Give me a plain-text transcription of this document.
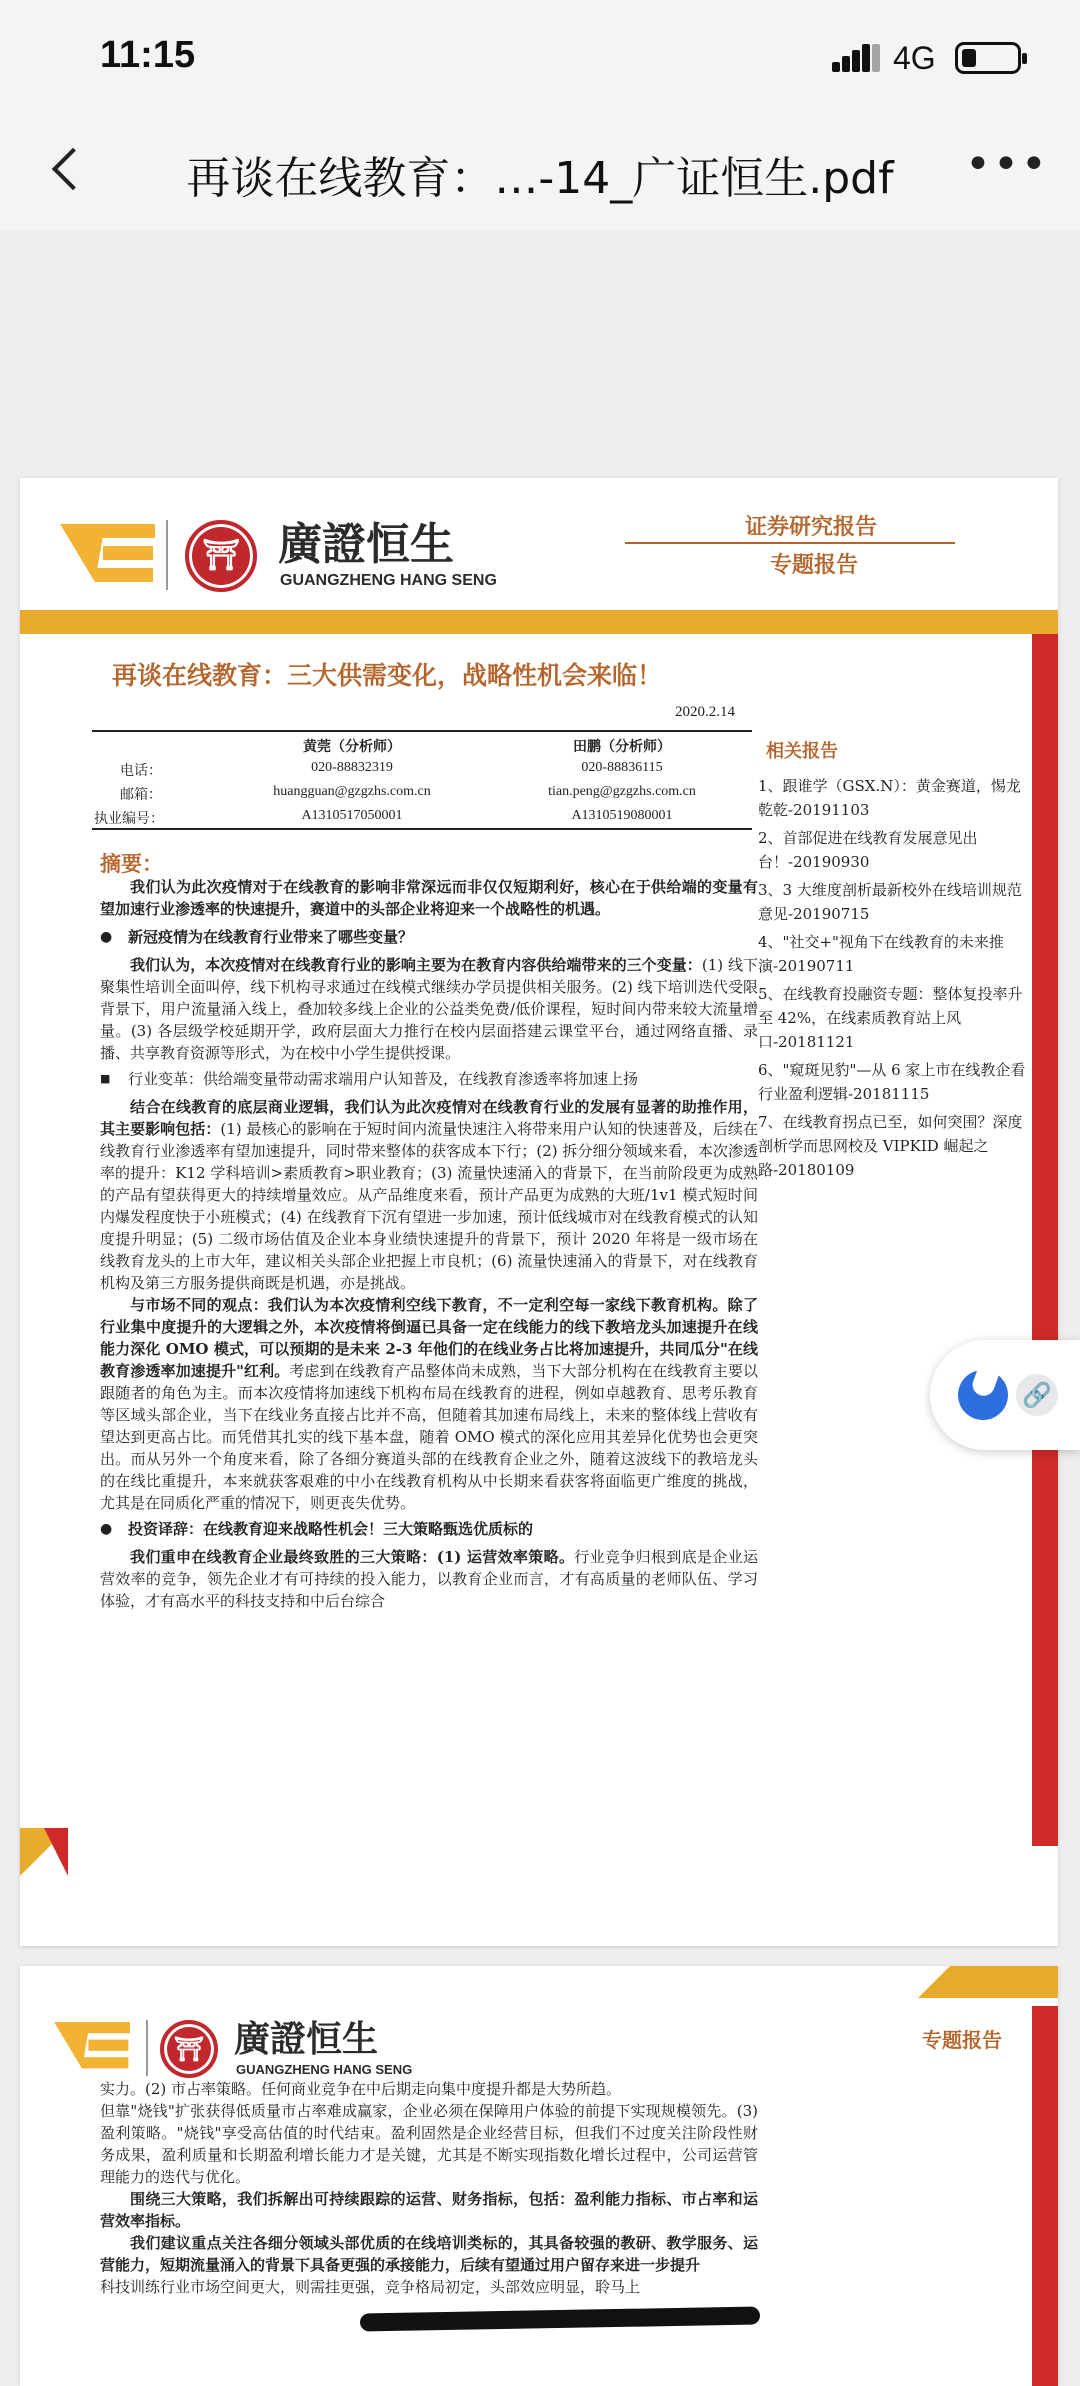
11:15	4G
再谈在线教育：…-14_广证恒生.pdf •••
⛩ 廣證恒生
GUANGZHENG HANG SENG
证券研究报告
专题报告
再谈在线教育：三大供需变化，战略性机会来临！
2020.2.14
黄莞（分析师）	田鹏（分析师）
电话：	020-88832319	020-88836115
邮箱：	huangguan@gzgzhs.com.cn	tian.peng@gzgzhs.com.cn
执业编号：	A1310517050001	A1310519080001
摘要：

我们认为此次疫情对于在线教育的影响非常深远而非仅仅短期利好，核心在于供给端的变量有望加速行业渗透率的快速提升，赛道中的头部企业将迎来一个战略性的机遇。

● 新冠疫情为在线教育行业带来了哪些变量？

我们认为，本次疫情对在线教育行业的影响主要为在教育内容供给端带来的三个变量：(1) 线下聚集性培训全面叫停，线下机构寻求通过在线模式继续办学员提供相关服务。(2) 线下培训迭代受限背景下，用户流量涌入线上，叠加较多线上企业的公益类免费/低价课程，短时间内带来较大流量增量。(3) 各层级学校延期开学，政府层面大力推行在校内层面搭建云课堂平台，通过网络直播、录播、共享教育资源等形式，为在校中小学生提供授课。

■ 行业变革：供给端变量带动需求端用户认知普及，在线教育渗透率将加速上扬

结合在线教育的底层商业逻辑，我们认为此次疫情对在线教育行业的发展有显著的助推作用，其主要影响包括：(1) 最核心的影响在于短时间内流量快速注入将带来用户认知的快速普及，后续在线教育行业渗透率有望加速提升，同时带来整体的获客成本下行；(2) 拆分细分领域来看，本次渗透率的提升：K12 学科培训>素质教育>职业教育；(3) 流量快速涌入的背景下，在当前阶段更为成熟的产品有望获得更大的持续增量效应。从产品维度来看，预计产品更为成熟的大班/1v1 模式短时间内爆发程度快于小班模式；(4) 在线教育下沉有望进一步加速，预计低线城市对在线教育模式的认知度提升明显；(5) 二级市场估值及企业本身业绩快速提升的背景下，预计 2020 年将是一级市场在线教育龙头的上市大年，建议相关头部企业把握上市良机；(6) 流量快速涌入的背景下，对在线教育机构及第三方服务提供商既是机遇，亦是挑战。

与市场不同的观点：我们认为本次疫情利空线下教育，不一定利空每一家线下教育机构。除了行业集中度提升的大逻辑之外，本次疫情将倒逼已具备一定在线能力的线下教培龙头加速提升在线能力深化 OMO 模式，可以预期的是未来 2-3 年他们的在线业务占比将加速提升，共同瓜分"在线教育渗透率加速提升"红利。考虑到在线教育产品整体尚未成熟，当下大部分机构在在线教育主要以跟随者的角色为主。而本次疫情将加速线下机构布局在线教育的进程，例如卓越教育、思考乐教育等区域头部企业，当下在线业务直接占比并不高，但随着其加速布局线上，未来的整体线上营收有望达到更高占比。而凭借其扎实的线下基本盘，随着 OMO 模式的深化应用其差异化优势也会更突出。而从另外一个角度来看，除了各细分赛道头部的在线教育企业之外，随着这波线下的教培龙头的在线比重提升，本来就获客艰难的中小在线教育机构从中长期来看获客将面临更广维度的挑战，尤其是在同质化严重的情况下，则更丧失优势。

● 投资译辞：在线教育迎来战略性机会！三大策略甄选优质标的

我们重申在线教育企业最终致胜的三大策略：(1) 运营效率策略。行业竞争归根到底是企业运营效率的竞争，领先企业才有可持续的投入能力，以教育企业而言，才有高质量的老师队伍、学习体验，才有高水平的科技支持和中后台综合

相关报告
1、跟谁学（GSX.N）：黄金赛道，惕龙乾乾-20191103
2、首部促进在线教育发展意见出台！-20190930
3、3 大维度剖析最新校外在线培训规范意见-20190715
4、"社交+"视角下在线教育的未来推演-20190711
5、在线教育投融资专题：整体复投率升至 42%，在线素质教育站上风口-20181121
6、"窥斑见豹"—从 6 家上市在线教企看行业盈利逻辑-20181115
7、在线教育拐点已至，如何突围？深度剖析学而思网校及 VIPKID 崛起之路-20180109
🔗
⛩ 廣證恒生
GUANGZHENG HANG SENG
专题报告

实力。(2) 市占率策略。任何商业竞争在中后期走向集中度提升都是大势所趋。

但靠"烧钱"扩张获得低质量市占率难成赢家，企业必须在保障用户体验的前提下实现规模领先。(3) 盈利策略。"烧钱"享受高估值的时代结束。盈利固然是企业经营目标，但我们不过度关注阶段性财务成果，盈利质量和长期盈利增长能力才是关键，尤其是不断实现指数化增长过程中，公司运营管理能力的迭代与优化。

围绕三大策略，我们拆解出可持续跟踪的运营、财务指标，包括：盈利能力指标、市占率和运营效率指标。

我们建议重点关注各细分领域头部优质的在线培训类标的，其具备较强的教研、教学服务、运营能力，短期流量涌入的背景下具备更强的承接能力，后续有望通过用户留存来进一步提升

科技训练行业市场空间更大，则需挂更强，竞争格局初定，头部效应明显，聆马上
